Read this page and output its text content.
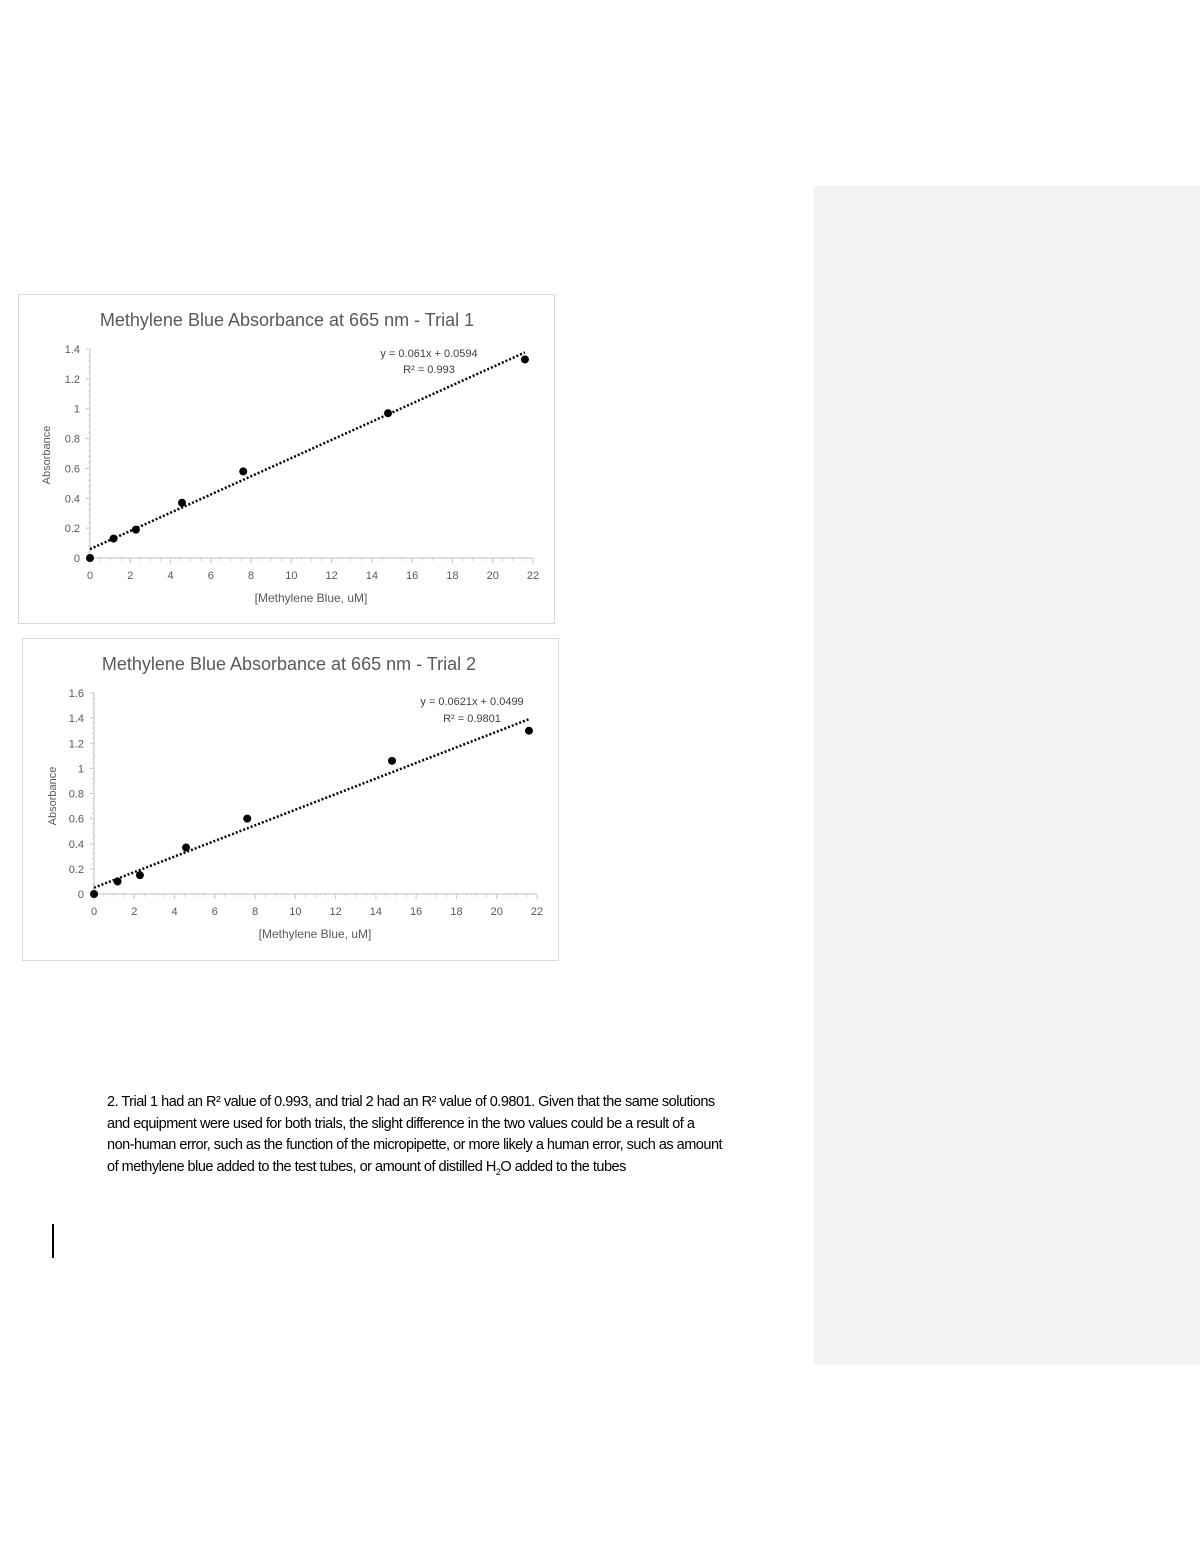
Methylene Blue Absorbance at 665 nm - Trial 1
Absorbance
[Methylene Blue, uM]
y = 0.061x + 0.0594
R² = 0.993
0
0.2
0.4
0.6
0.8
1
1.2
1.4
0	2	4	6	8	10	12	14	16	18	20	22
Methylene Blue Absorbance at 665 nm - Trial 2
Absorbance
[Methylene Blue, uM]
y = 0.0621x + 0.0499
R² = 0.9801
0
0.2
0.4
0.6
0.8
1
1.2
1.4
1.6
0	2	4	6	8	10	12	14	16	18	20	22
2. Trial 1 had an R² value of 0.993, and trial 2 had an R² value of 0.9801. Given that the same solutions
and equipment were used for both trials, the slight difference in the two values could be a result of a
non-human error, such as the function of the micropipette, or more likely a human error, such as amount
of methylene blue added to the test tubes, or amount of distilled $H_2O$ added to the tubes
